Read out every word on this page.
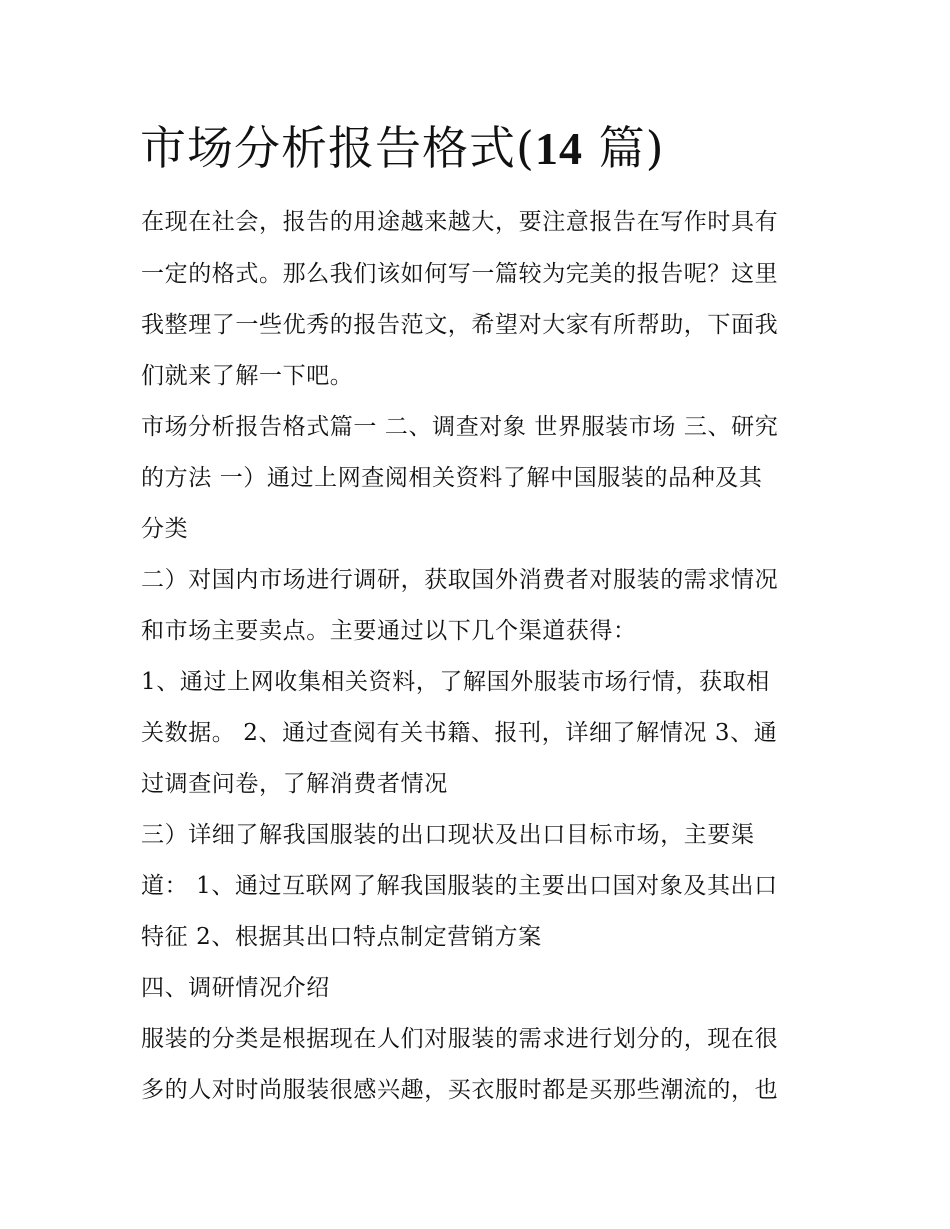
市场分析报告格式(14 篇)
在现在社会，报告的用途越来越大，要注意报告在写作时具有
一定的格式。那么我们该如何写一篇较为完美的报告呢？这里
我整理了一些优秀的报告范文，希望对大家有所帮助，下面我
们就来了解一下吧。
市场分析报告格式篇一 二、调查对象 世界服装市场 三、研究
的方法 一）通过上网查阅相关资料了解中国服装的品种及其
分类
二）对国内市场进行调研，获取国外消费者对服装的需求情况
和市场主要卖点。主要通过以下几个渠道获得：
1、通过上网收集相关资料，了解国外服装市场行情，获取相
关数据。 2、通过查阅有关书籍、报刊，详细了解情况 3、通
过调查问卷，了解消费者情况
三）详细了解我国服装的出口现状及出口目标市场，主要渠
道： 1、通过互联网了解我国服装的主要出口国对象及其出口
特征 2、根据其出口特点制定营销方案
四、调研情况介绍
服装的分类是根据现在人们对服装的需求进行划分的，现在很
多的人对时尚服装很感兴趣，买衣服时都是买那些潮流的，也
